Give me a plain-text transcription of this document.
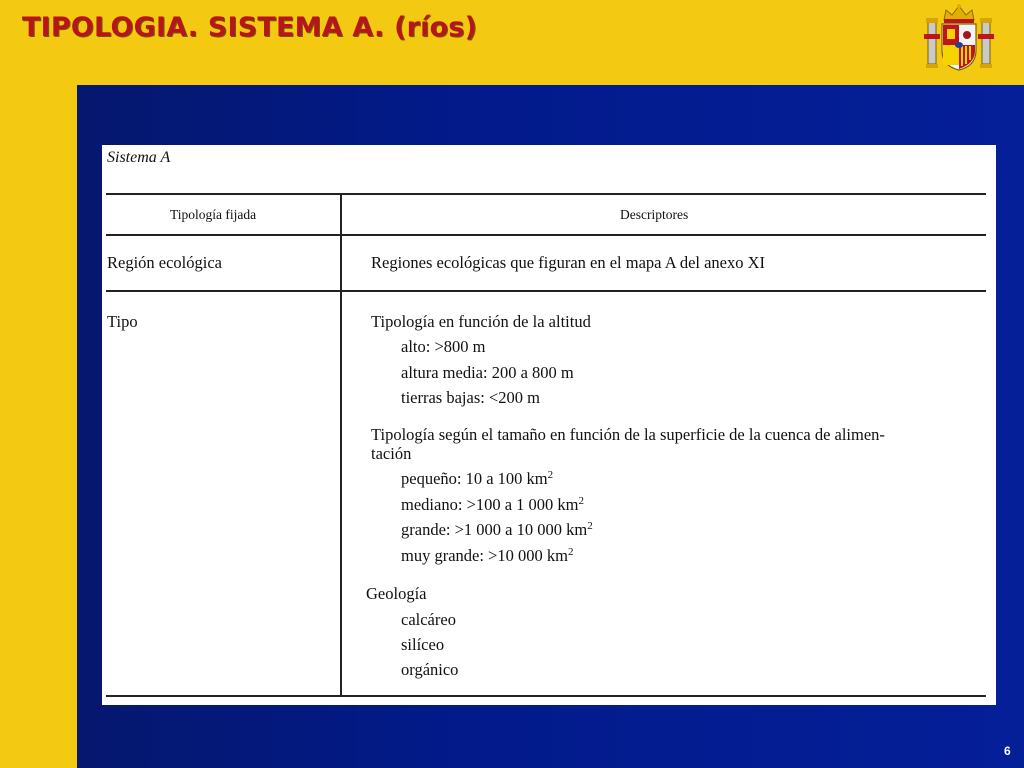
TIPOLOGIA. SISTEMA A. (ríos)
Sistema A
Tipología fijada	Descriptores
Región ecológica	Regiones ecológicas que figuran en el mapa A del anexo XI
Tipo	Tipología en función de la altitud
alto: >800 m
altura media: 200 a 800 m
tierras bajas: <200 m
Tipología según el tamaño en función de la superficie de la cuenca de alimen-
tación
pequeño: 10 a 100 $km^2$
mediano: >100 a 1 000 $km^2$
grande: >1 000 a 10 000 $km^2$
muy grande: >10 000 $km^2$
Geología
calcáreo
silíceo
orgánico
6
